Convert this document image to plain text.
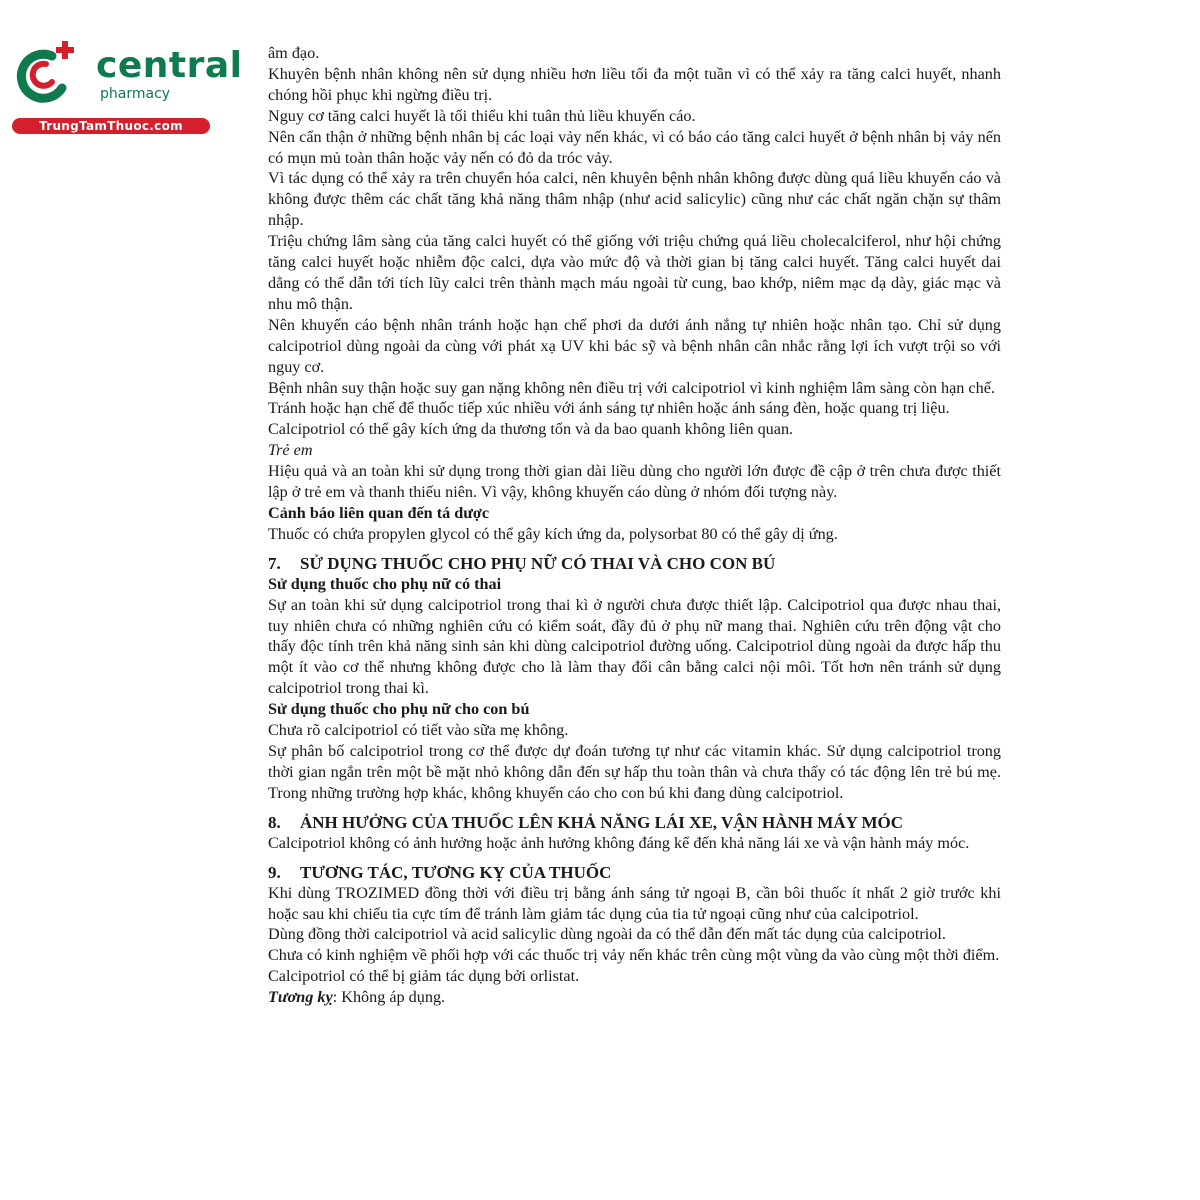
central
pharmacy
TrungTamThuoc.com

âm đạo.

Khuyên bệnh nhân không nên sử dụng nhiều hơn liều tối đa một tuần vì có thể xảy ra tăng calci huyết, nhanh chóng hồi phục khi ngừng điều trị.

Nguy cơ tăng calci huyết là tối thiểu khi tuân thủ liều khuyến cáo.

Nên cẩn thận ở những bệnh nhân bị các loại vảy nến khác, vì có báo cáo tăng calci huyết ở bệnh nhân bị vảy nến có mụn mủ toàn thân hoặc vảy nến có đỏ da tróc vảy.

Vì tác dụng có thể xảy ra trên chuyển hóa calci, nên khuyên bệnh nhân không được dùng quá liều khuyến cáo và không được thêm các chất tăng khả năng thâm nhập (như acid salicylic) cũng như các chất ngăn chặn sự thâm nhập.

Triệu chứng lâm sàng của tăng calci huyết có thể giống với triệu chứng quá liều cholecalciferol, như hội chứng tăng calci huyết hoặc nhiễm độc calci, dựa vào mức độ và thời gian bị tăng calci huyết. Tăng calci huyết dai dẳng có thể dẫn tới tích lũy calci trên thành mạch máu ngoài từ cung, bao khớp, niêm mạc dạ dày, giác mạc và nhu mô thận.

Nên khuyến cáo bệnh nhân tránh hoặc hạn chế phơi da dưới ánh nắng tự nhiên hoặc nhân tạo. Chỉ sử dụng calcipotriol dùng ngoài da cùng với phát xạ UV khi bác sỹ và bệnh nhân cân nhắc rằng lợi ích vượt trội so với nguy cơ.

Bệnh nhân suy thận hoặc suy gan nặng không nên điều trị với calcipotriol vì kinh nghiệm lâm sàng còn hạn chế.

Tránh hoặc hạn chế để thuốc tiếp xúc nhiều với ánh sáng tự nhiên hoặc ánh sáng đèn, hoặc quang trị liệu.

Calcipotriol có thể gây kích ứng da thương tổn và da bao quanh không liên quan.

Trẻ em

Hiệu quả và an toàn khi sử dụng trong thời gian dài liều dùng cho người lớn được đề cập ở trên chưa được thiết lập ở trẻ em và thanh thiếu niên. Vì vậy, không khuyến cáo dùng ở nhóm đối tượng này.

Cảnh báo liên quan đến tá dược

Thuốc có chứa propylen glycol có thể gây kích ứng da, polysorbat 80 có thể gây dị ứng.

7. SỬ DỤNG THUỐC CHO PHỤ NỮ CÓ THAI VÀ CHO CON BÚ

Sử dụng thuốc cho phụ nữ có thai

Sự an toàn khi sử dụng calcipotriol trong thai kì ở người chưa được thiết lập. Calcipotriol qua được nhau thai, tuy nhiên chưa có những nghiên cứu có kiểm soát, đầy đủ ở phụ nữ mang thai. Nghiên cứu trên động vật cho thấy độc tính trên khả năng sinh sản khi dùng calcipotriol đường uống. Calcipotriol dùng ngoài da được hấp thu một ít vào cơ thể nhưng không được cho là làm thay đổi cân bằng calci nội môi. Tốt hơn nên tránh sử dụng calcipotriol trong thai kì.

Sử dụng thuốc cho phụ nữ cho con bú

Chưa rõ calcipotriol có tiết vào sữa mẹ không.

Sự phân bố calcipotriol trong cơ thể được dự đoán tương tự như các vitamin khác. Sử dụng calcipotriol trong thời gian ngắn trên một bề mặt nhỏ không dẫn đến sự hấp thu toàn thân và chưa thấy có tác động lên trẻ bú mẹ. Trong những trường hợp khác, không khuyến cáo cho con bú khi đang dùng calcipotriol.

8. ẢNH HƯỞNG CỦA THUỐC LÊN KHẢ NĂNG LÁI XE, VẬN HÀNH MÁY MÓC

Calcipotriol không có ảnh hưởng hoặc ảnh hưởng không đáng kể đến khả năng lái xe và vận hành máy móc.

9. TƯƠNG TÁC, TƯƠNG KỴ CỦA THUỐC

Khi dùng TROZIMED đồng thời với điều trị bằng ánh sáng tử ngoại B, cần bôi thuốc ít nhất 2 giờ trước khi hoặc sau khi chiếu tia cực tím để tránh làm giảm tác dụng của tia tử ngoại cũng như của calcipotriol.

Dùng đồng thời calcipotriol và acid salicylic dùng ngoài da có thể dẫn đến mất tác dụng của calcipotriol.

Chưa có kinh nghiệm về phối hợp với các thuốc trị vảy nến khác trên cùng một vùng da vào cùng một thời điểm.

Calcipotriol có thể bị giảm tác dụng bởi orlistat.

Tương kỵ: Không áp dụng.
